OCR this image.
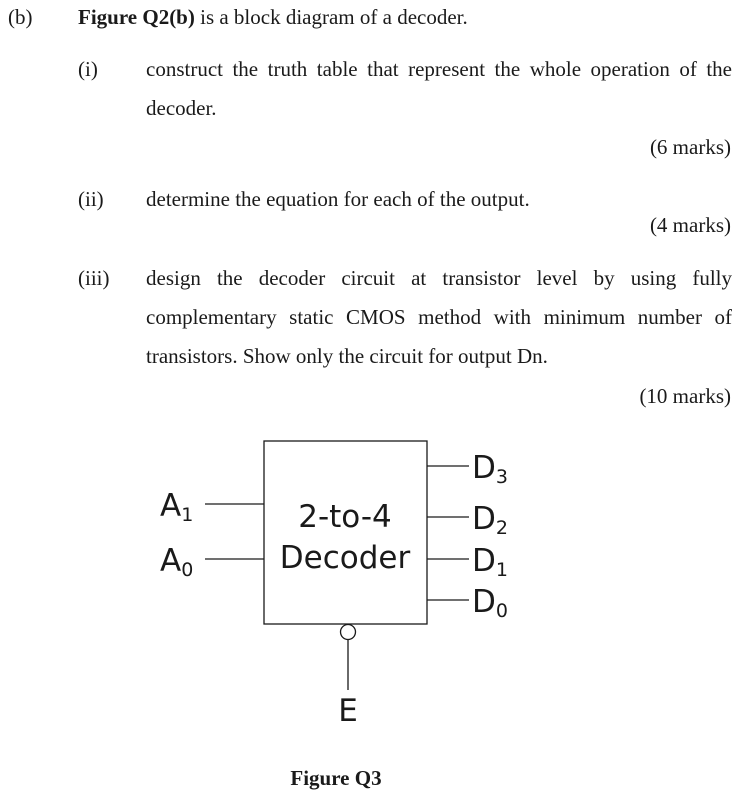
(b) Figure Q2(b) is a block diagram of a decoder.
(i) construct the truth table that represent the whole operation of the
decoder.
(6 marks)
(ii) determine the equation for each of the output.
(4 marks)
(iii) design the decoder circuit at transistor level by using fully
complementary static CMOS method with minimum number of
transistors. Show only the circuit for output Dn.
(10 marks)
2-to-4
Decoder
A1
A0
D3
D2
D1
D0
E
Figure Q3
